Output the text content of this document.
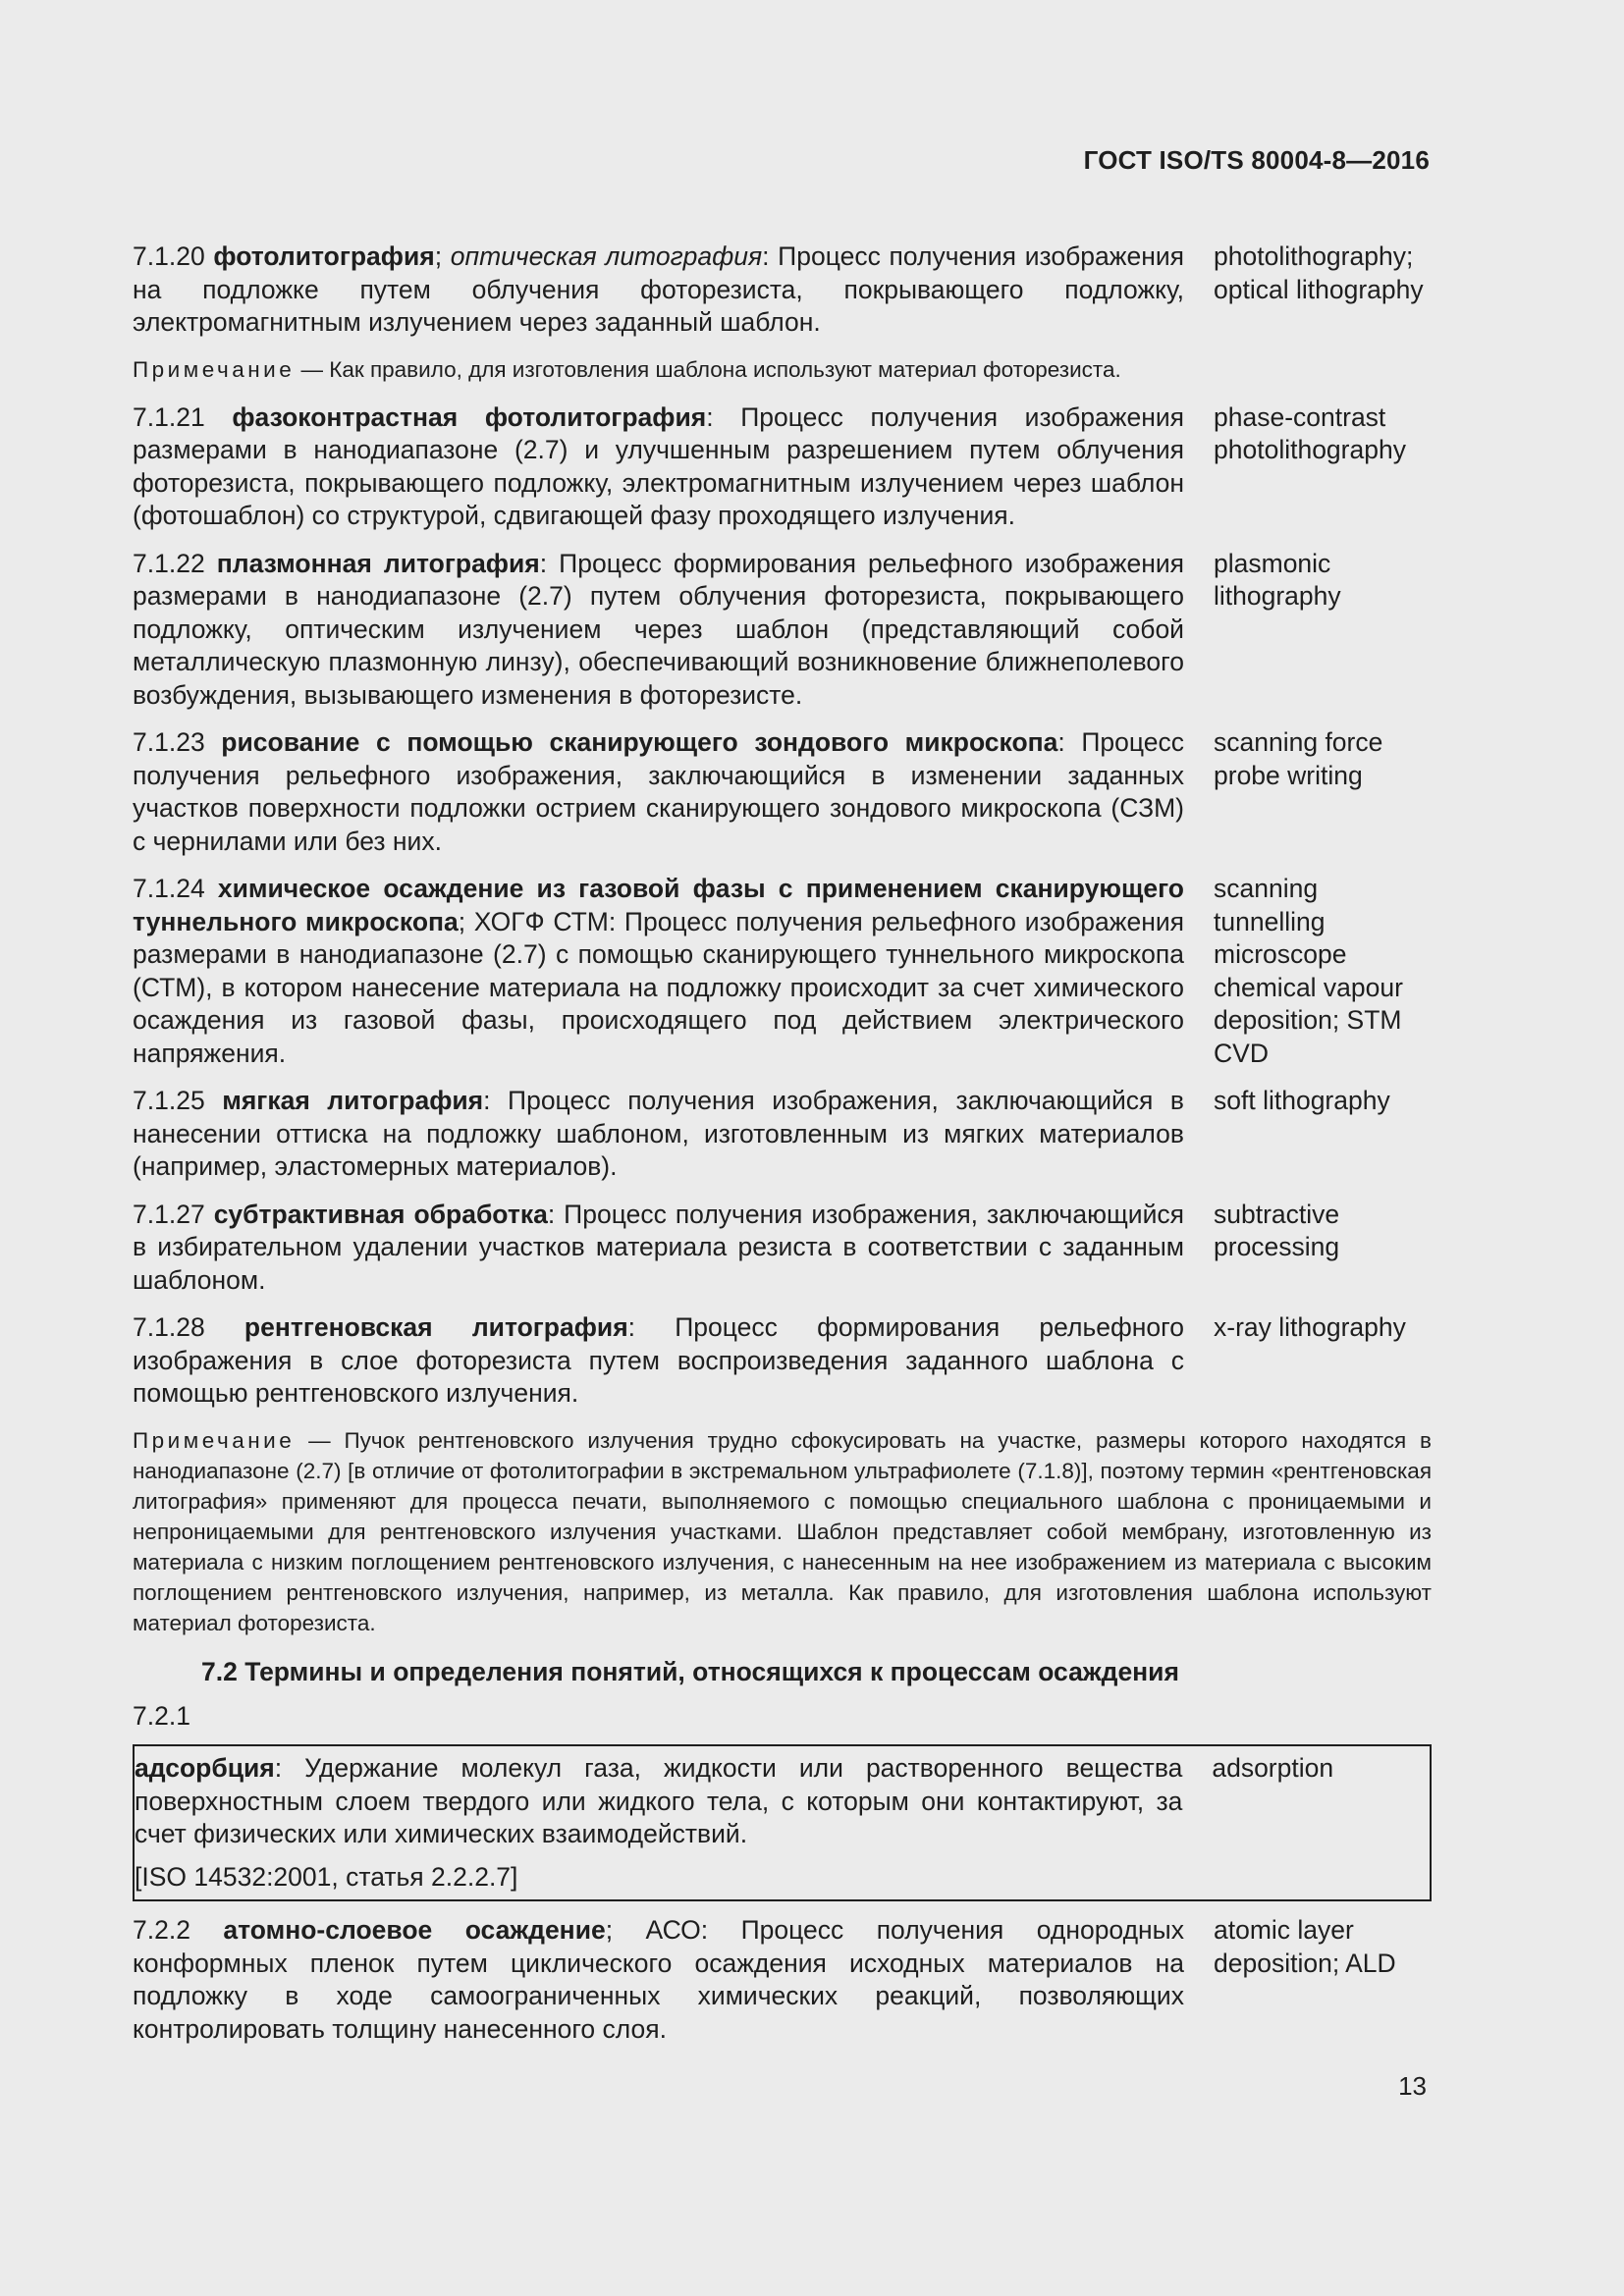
ГОСТ ISO/TS 80004-8—2016
7.1.20 фотолитография; оптическая литография: Процесс получения изображения на подложке путем облучения фоторезиста, покрывающего подложку, электромагнитным излучением через заданный шаблон.
photolithography; optical lithography
Примечание — Как правило, для изготовления шаблона используют материал фоторезиста.
7.1.21 фазоконтрастная фотолитография: Процесс получения изображения размерами в нанодиапазоне (2.7) и улучшенным разрешением путем облучения фоторезиста, покрывающего подложку, электромагнитным излучением через шаблон (фотошаблон) со структурой, сдвигающей фазу проходящего излучения.
phase-contrast photolithography
7.1.22 плазмонная литография: Процесс формирования рельефного изображения размерами в нанодиапазоне (2.7) путем облучения фоторезиста, покрывающего подложку, оптическим излучением через шаблон (представляющий собой металлическую плазмонную линзу), обеспечивающий возникновение ближнеполевого возбуждения, вызывающего изменения в фоторезисте.
plasmonic lithography
7.1.23 рисование с помощью сканирующего зондового микроскопа: Процесс получения рельефного изображения, заключающийся в изменении заданных участков поверхности подложки острием сканирующего зондового микроскопа (СЗМ) с чернилами или без них.
scanning force probe writing
7.1.24 химическое осаждение из газовой фазы с применением сканирующего туннельного микроскопа; ХОГФ СТМ: Процесс получения рельефного изображения размерами в нанодиапазоне (2.7) с помощью сканирующего туннельного микроскопа (СТМ), в котором нанесение материала на подложку происходит за счет химического осаждения из газовой фазы, происходящего под действием электрического напряжения.
scanning tunnelling microscope chemical vapour deposition; STM CVD
7.1.25 мягкая литография: Процесс получения изображения, заключающийся в нанесении оттиска на подложку шаблоном, изготовленным из мягких материалов (например, эластомерных материалов).
soft lithography
7.1.27 субтрактивная обработка: Процесс получения изображения, заключающийся в избирательном удалении участков материала резиста в соответствии с заданным шаблоном.
subtractive processing
7.1.28 рентгеновская литография: Процесс формирования рельефного изображения в слое фоторезиста путем воспроизведения заданного шаблона с помощью рентгеновского излучения.
x-ray lithography
Примечание — Пучок рентгеновского излучения трудно сфокусировать на участке, размеры которого находятся в нанодиапазоне (2.7) [в отличие от фотолитографии в экстремальном ультрафиолете (7.1.8)], поэтому термин «рентгеновская литография» применяют для процесса печати, выполняемого с помощью специального шаблона с проницаемыми и непроницаемыми для рентгеновского излучения участками. Шаблон представляет собой мембрану, изготовленную из материала с низким поглощением рентгеновского излучения, с нанесенным на нее изображением из материала с высоким поглощением рентгеновского излучения, например, из металла. Как правило, для изготовления шаблона используют материал фоторезиста.
7.2 Термины и определения понятий, относящихся к процессам осаждения
7.2.1
адсорбция: Удержание молекул газа, жидкости или растворенного вещества поверхностным слоем твердого или жидкого тела, с которым они контактируют, за счет физических или химических взаимодействий.
adsorption
[ISO 14532:2001, статья 2.2.2.7]
7.2.2 атомно-слоевое осаждение; АСО: Процесс получения однородных конформных пленок путем циклического осаждения исходных материалов на подложку в ходе самоограниченных химических реакций, позволяющих контролировать толщину нанесенного слоя.
atomic layer deposition; ALD
13
